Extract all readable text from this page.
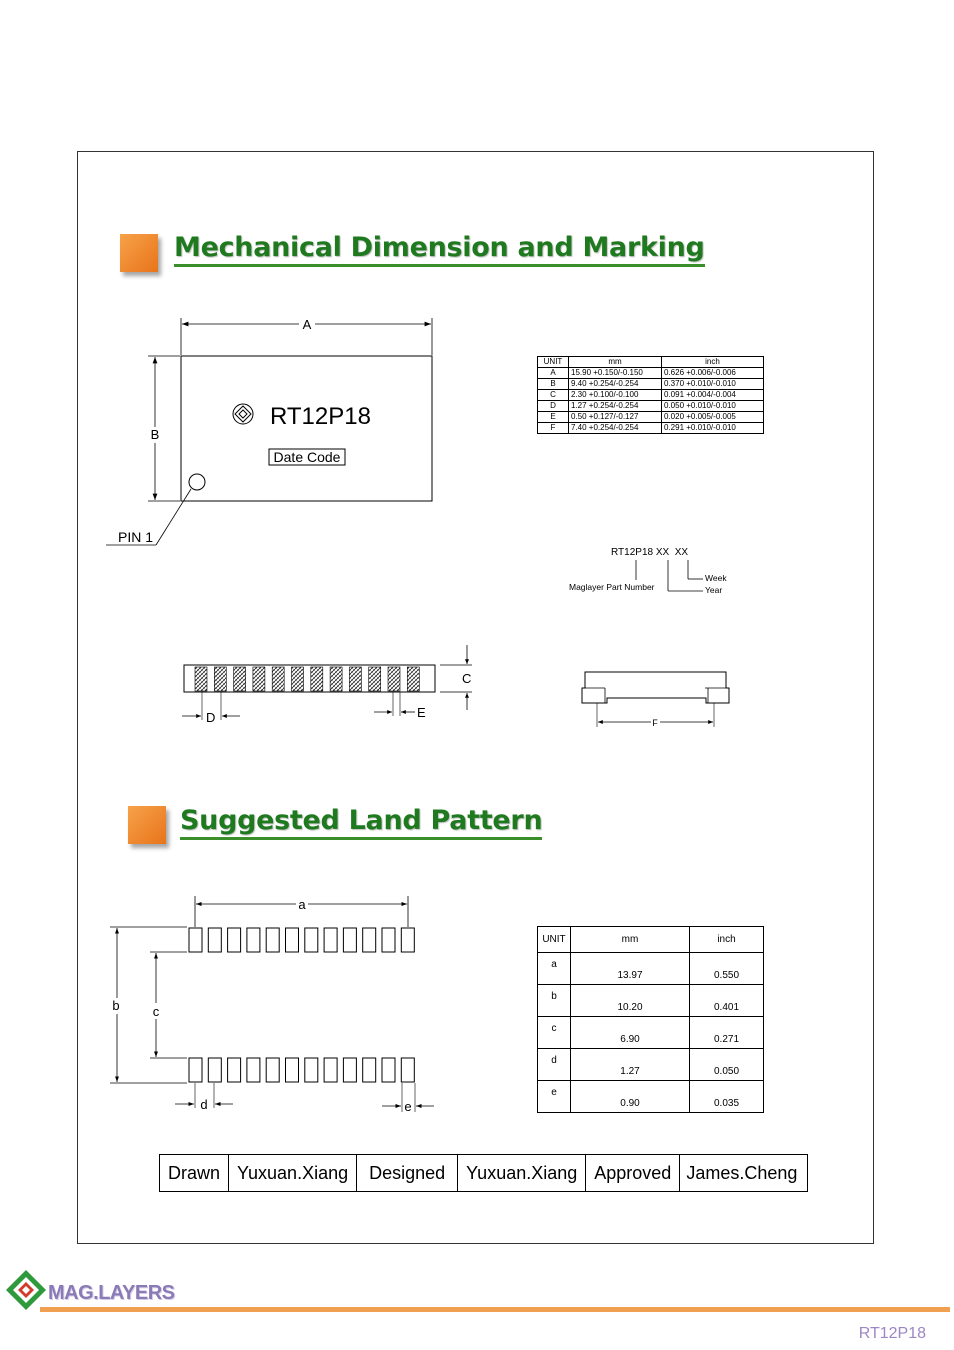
Mechanical Dimension and Marking
A
B
RT12P18
Date Code
PIN 1
UNIT	mm	inch
A	15.90 +0.150/-0.150	0.626 +0.006/-0.006
B	9.40 +0.254/-0.254	0.370 +0.010/-0.010
C	2.30 +0.100/-0.100	0.091 +0.004/-0.004
D	1.27 +0.254/-0.254	0.050 +0.010/-0.010
E	0.50 +0.127/-0.127	0.020 +0.005/-0.005
F	7.40 +0.254/-0.254	0.291 +0.010/-0.010
RT12P18 XX  XX
Maglayer Part Number
Week
Year
C
D	E
F
Suggested Land Pattern
a
b	c
d	e
UNIT	mm	inch
a	13.97	0.550
b	10.20	0.401
c	6.90	0.271
d	1.27	0.050
e	0.90	0.035
Drawn	Yuxuan.Xiang	Designed	Yuxuan.Xiang	Approved	James.Cheng
MAG.LAYERS
RT12P18
